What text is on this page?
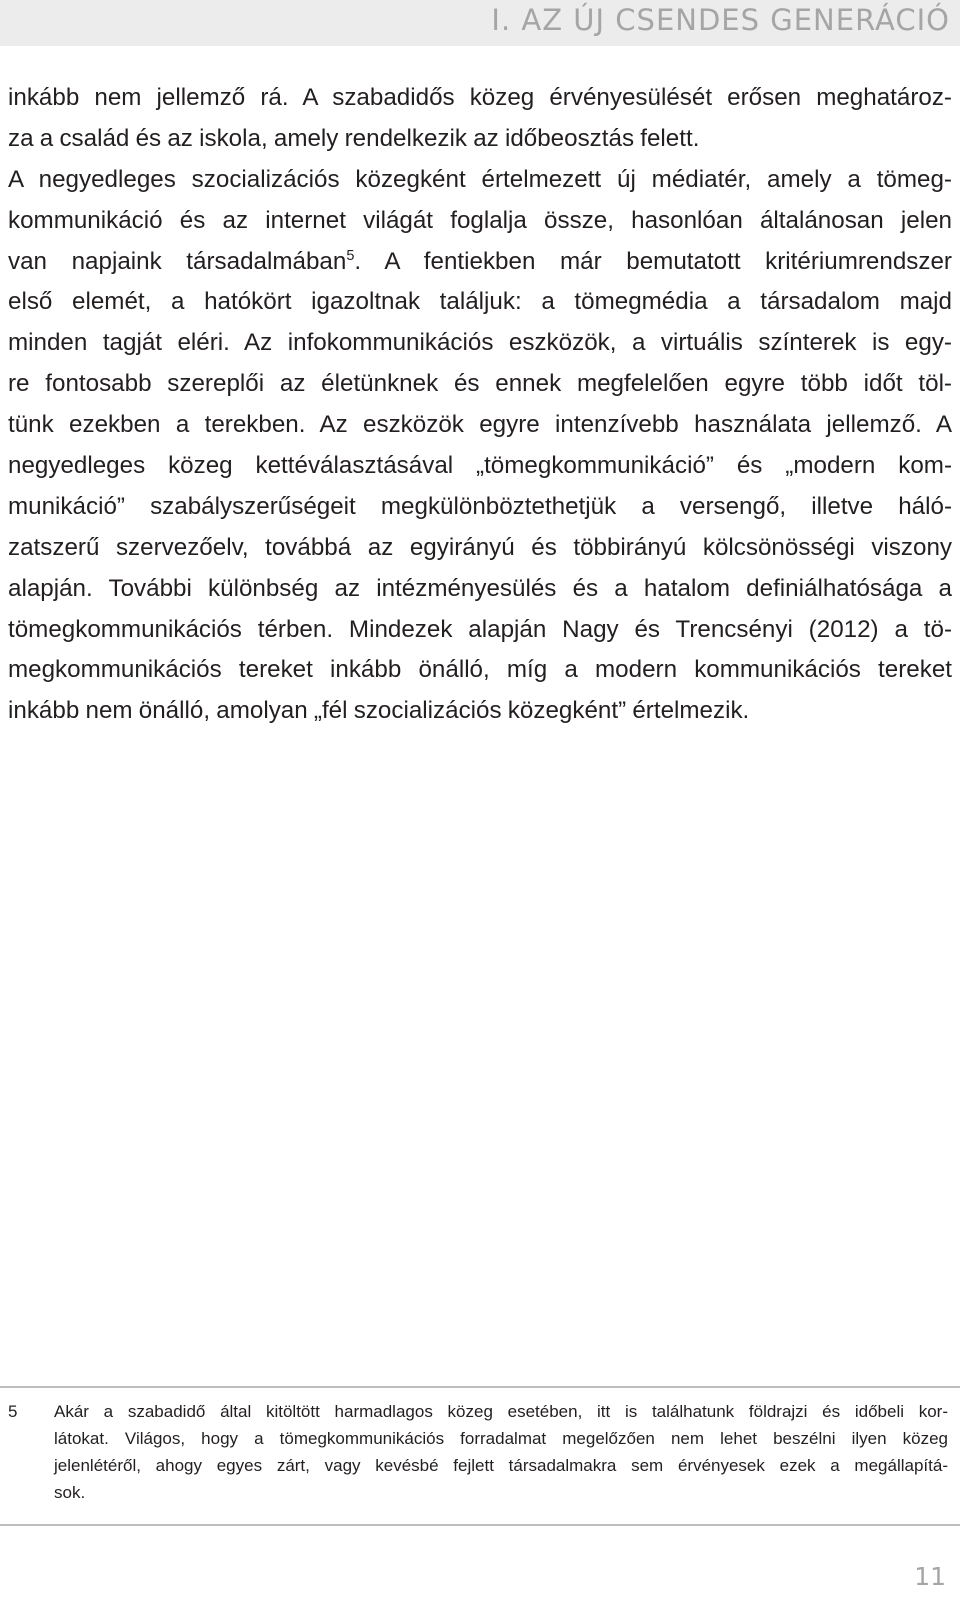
I. AZ ÚJ CSENDES GENERÁCIÓ
inkább nem jellemző rá. A szabadidős közeg érvényesülését erősen meghatároz-
za a család és az iskola, amely rendelkezik az időbeosztás felett.
A negyedleges szocializációs közegként értelmezett új médiatér, amely a tömeg-
kommunikáció és az internet világát foglalja össze, hasonlóan általánosan jelen
van napjaink társadalmában$^5$. A fentiekben már bemutatott kritériumrendszer
első elemét, a hatókört igazoltnak találjuk: a tömegmédia a társadalom majd
minden tagját eléri. Az infokommunikációs eszközök, a virtuális színterek is egy-
re fontosabb szereplői az életünknek és ennek megfelelően egyre több időt töl-
tünk ezekben a terekben. Az eszközök egyre intenzívebb használata jellemző. A
negyedleges közeg kettéválasztásával „tömegkommunikáció” és „modern kom-
munikáció” szabályszerűségeit megkülönböztethetjük a versengő, illetve háló-
zatszerű szervezőelv, továbbá az egyirányú és többirányú kölcsönösségi viszony
alapján. További különbség az intézményesülés és a hatalom definiálhatósága a
tömegkommunikációs térben. Mindezek alapján Nagy és Trencsényi (2012) a tö-
megkommunikációs tereket inkább önálló, míg a modern kommunikációs tereket
inkább nem önálló, amolyan „fél szocializációs közegként” értelmezik.
5 Akár a szabadidő által kitöltött harmadlagos közeg esetében, itt is találhatunk földrajzi és időbeli kor-
látokat. Világos, hogy a tömegkommunikációs forradalmat megelőzően nem lehet beszélni ilyen közeg
jelenlétéről, ahogy egyes zárt, vagy kevésbé fejlett társadalmakra sem érvényesek ezek a megállapítá-
sok.
11
